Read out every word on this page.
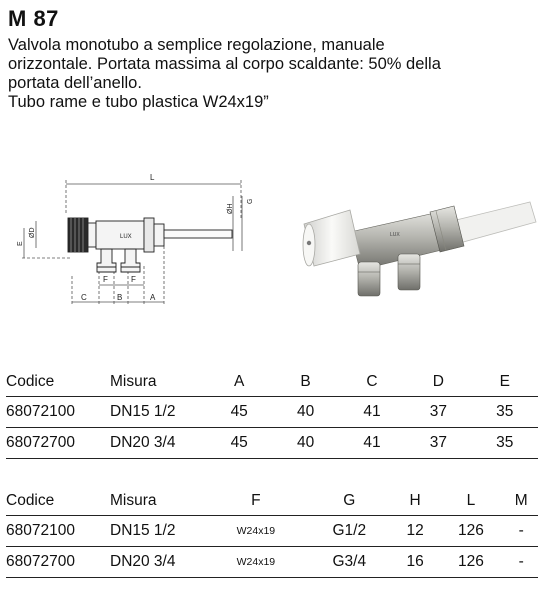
M 87
Valvola monotubo a semplice regolazione, manuale
orizzontale. Portata massima al corpo scaldante: 50% della
portata dell’anello.
Tubo rame e tubo plastica W24x19”
LUX
L
ØH
G
ØD
E
C
F	F
B	A
LUX
Codice	Misura	A	B	C	D	E
68072100	DN15 1/2	45	40	41	37	35
68072700	DN20 3/4	45	40	41	37	35
Codice	Misura	F	G	H	L	M
68072100	DN15 1/2	W24x19	G1/2	12	126	-
68072700	DN20 3/4	W24x19	G3/4	16	126	-
